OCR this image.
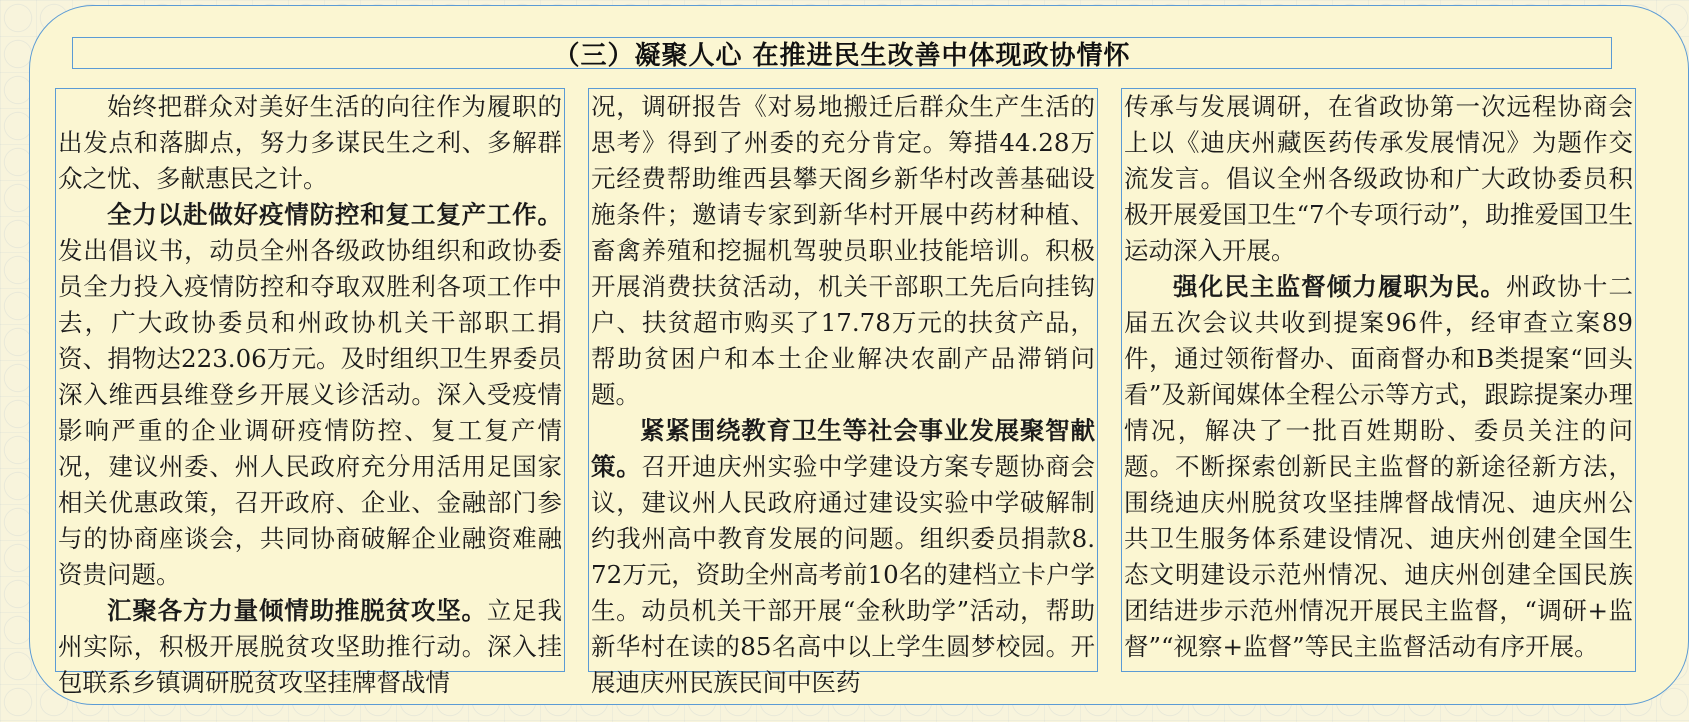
（三）凝聚人心 在推进民生改善中体现政协情怀

始终把群众对美好生活的向往作为履职的出发点和落脚点，努力多谋民生之利、多解群众之忧、多献惠民之计。

全力以赴做好疫情防控和复工复产工作。发出倡议书，动员全州各级政协组织和政协委员全力投入疫情防控和夺取双胜利各项工作中去，广大政协委员和州政协机关干部职工捐资、捐物达223.06万元。及时组织卫生界委员深入维西县维登乡开展义诊活动。深入受疫情影响严重的企业调研疫情防控、复工复产情况，建议州委、州人民政府充分用活用足国家相关优惠政策，召开政府、企业、金融部门参与的协商座谈会，共同协商破解企业融资难融资贵问题。

汇聚各方力量倾情助推脱贫攻坚。立足我州实际，积极开展脱贫攻坚助推行动。深入挂包联系乡镇调研脱贫攻坚挂牌督战情

况，调研报告《对易地搬迁后群众生产生活的思考》得到了州委的充分肯定。筹措44.28万元经费帮助维西县攀天阁乡新华村改善基础设施条件；邀请专家到新华村开展中药材种植、畜禽养殖和挖掘机驾驶员职业技能培训。积极开展消费扶贫活动，机关干部职工先后向挂钩户、扶贫超市购买了17.78万元的扶贫产品，帮助贫困户和本土企业解决农副产品滞销问题。

紧紧围绕教育卫生等社会事业发展聚智献策。召开迪庆州实验中学建设方案专题协商会议，建议州人民政府通过建设实验中学破解制约我州高中教育发展的问题。组织委员捐款8.72万元，资助全州高考前10名的建档立卡户学生。动员机关干部开展“金秋助学”活动，帮助新华村在读的85名高中以上学生圆梦校园。开展迪庆州民族民间中医药

传承与发展调研，在省政协第一次远程协商会上以《迪庆州藏医药传承发展情况》为题作交流发言。倡议全州各级政协和广大政协委员积极开展爱国卫生“7个专项行动”，助推爱国卫生运动深入开展。

强化民主监督倾力履职为民。州政协十二届五次会议共收到提案96件，经审查立案89件，通过领衔督办、面商督办和B类提案“回头看”及新闻媒体全程公示等方式，跟踪提案办理情况，解决了一批百姓期盼、委员关注的问题。不断探索创新民主监督的新途径新方法，围绕迪庆州脱贫攻坚挂牌督战情况、迪庆州公共卫生服务体系建设情况、迪庆州创建全国生态文明建设示范州情况、迪庆州创建全国民族团结进步示范州情况开展民主监督，“调研+监督”“视察+监督”等民主监督活动有序开展。
